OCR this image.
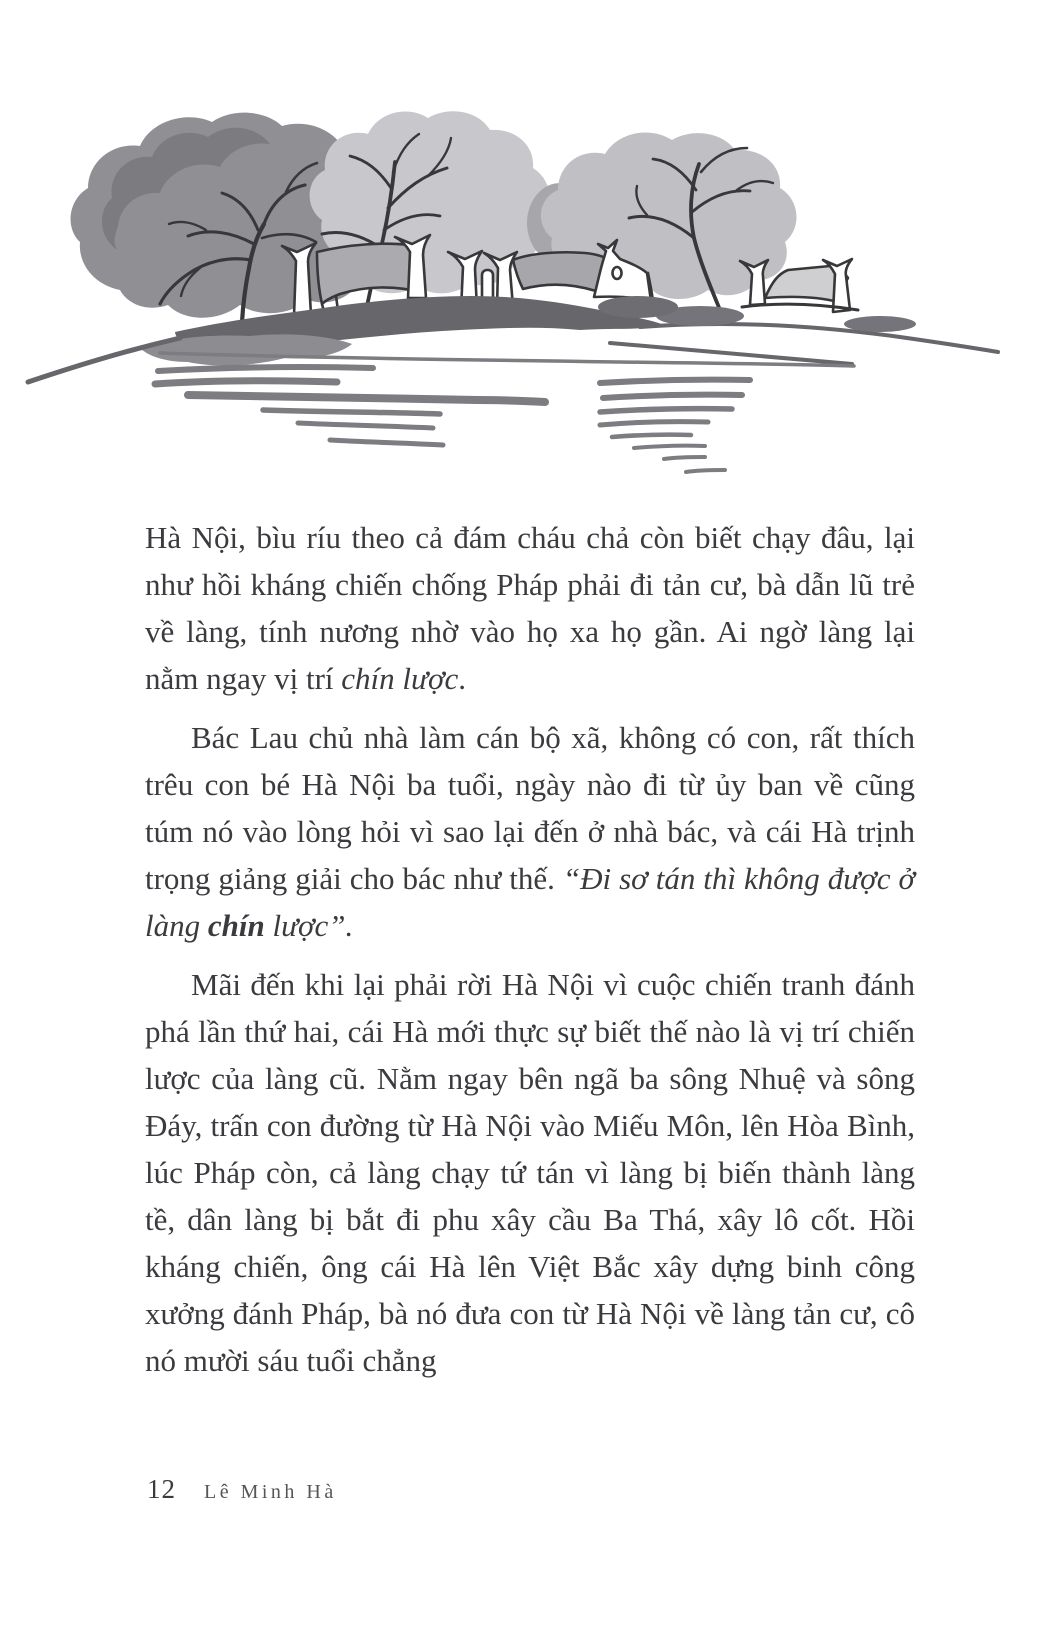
Hà Nội, bìu ríu theo cả đám cháu chả còn biết chạy đâu, lại như hồi kháng chiến chống Pháp phải đi tản cư, bà dẫn lũ trẻ về làng, tính nương nhờ vào họ xa họ gần. Ai ngờ làng lại nằm ngay vị trí chín lược.

Bác Lau chủ nhà làm cán bộ xã, không có con, rất thích trêu con bé Hà Nội ba tuổi, ngày nào đi từ ủy ban về cũng túm nó vào lòng hỏi vì sao lại đến ở nhà bác, và cái Hà trịnh trọng giảng giải cho bác như thế. “Đi sơ tán thì không được ở làng chín lược”.

Mãi đến khi lại phải rời Hà Nội vì cuộc chiến tranh đánh phá lần thứ hai, cái Hà mới thực sự biết thế nào là vị trí chiến lược của làng cũ. Nằm ngay bên ngã ba sông Nhuệ và sông Đáy, trấn con đường từ Hà Nội vào Miếu Môn, lên Hòa Bình, lúc Pháp còn, cả làng chạy tứ tán vì làng bị biến thành làng tề, dân làng bị bắt đi phu xây cầu Ba Thá, xây lô cốt. Hồi kháng chiến, ông cái Hà lên Việt Bắc xây dựng binh công xưởng đánh Pháp, bà nó đưa con từ Hà Nội về làng tản cư, cô nó mười sáu tuổi chẳng

12 Lê Minh Hà
